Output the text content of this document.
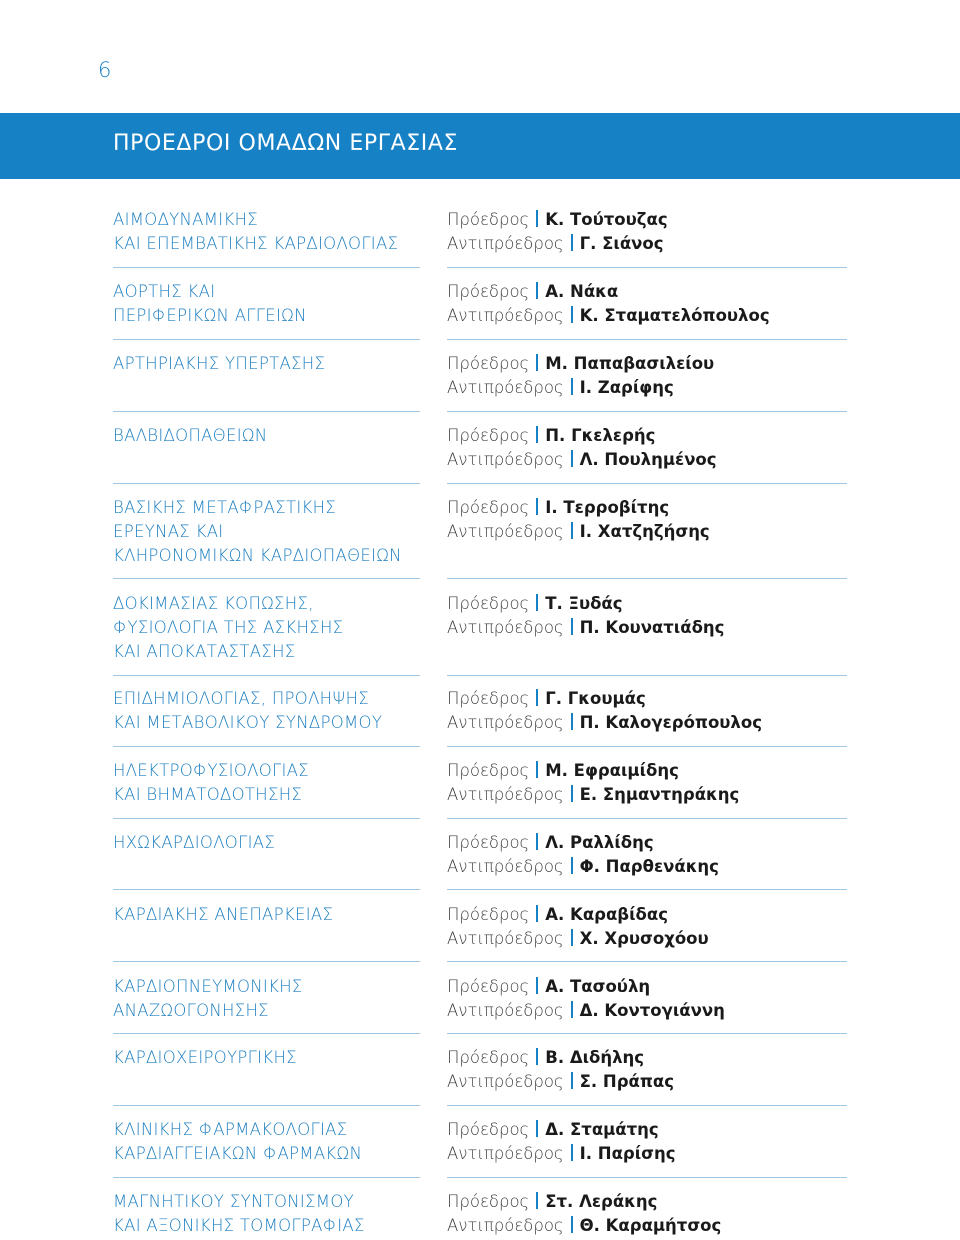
6
ΠΡΟΕΔΡΟΙ ΟΜΑΔΩΝ ΕΡΓΑΣΙΑΣ
ΑΙΜΟΔΥΝΑΜΙΚΗΣ
ΚΑΙ ΕΠΕΜΒΑΤΙΚΗΣ ΚΑΡΔΙΟΛΟΓΙΑΣ
Πρόεδρος Κ. Τούτουζας
Αντιπρόεδρος Γ. Σιάνος
ΑΟΡΤΗΣ ΚΑΙ
ΠΕΡΙΦΕΡΙΚΩΝ ΑΓΓΕΙΩΝ
Πρόεδρος Α. Νάκα
Αντιπρόεδρος Κ. Σταματελόπουλος
ΑΡΤΗΡΙΑΚΗΣ ΥΠΕΡΤΑΣΗΣ	Πρόεδρος Μ. Παπαβασιλείου
Αντιπρόεδρος Ι. Ζαρίφης
ΒΑΛΒΙΔΟΠΑΘΕΙΩΝ	Πρόεδρος Π. Γκελερής
Αντιπρόεδρος Λ. Πουλημένος
ΒΑΣΙΚΗΣ ΜΕΤΑΦΡΑΣΤΙΚΗΣ
ΕΡΕΥΝΑΣ ΚΑΙ
ΚΛΗΡΟΝΟΜΙΚΩΝ ΚΑΡΔΙΟΠΑΘΕΙΩΝ
Πρόεδρος Ι. Τερροβίτης
Αντιπρόεδρος Ι. Χατζηζήσης
ΔΟΚΙΜΑΣΙΑΣ ΚΟΠΩΣΗΣ,
ΦΥΣΙΟΛΟΓΙΑ ΤΗΣ ΑΣΚΗΣΗΣ
ΚΑΙ ΑΠΟΚΑΤΑΣΤΑΣΗΣ
Πρόεδρος Τ. Ξυδάς
Αντιπρόεδρος Π. Κουνατιάδης
ΕΠΙΔΗΜΙΟΛΟΓΙΑΣ, ΠΡΟΛΗΨΗΣ
ΚΑΙ ΜΕΤΑΒΟΛΙΚΟΥ ΣΥΝΔΡΟΜΟΥ
Πρόεδρος Γ. Γκουμάς
Αντιπρόεδρος Π. Καλογερόπουλος
ΗΛΕΚΤΡΟΦΥΣΙΟΛΟΓΙΑΣ
ΚΑΙ ΒΗΜΑΤΟΔΟΤΗΣΗΣ
Πρόεδρος Μ. Εφραιμίδης
Αντιπρόεδρος Ε. Σημαντηράκης
ΗΧΩΚΑΡΔΙΟΛΟΓΙΑΣ	Πρόεδρος Λ. Ραλλίδης
Αντιπρόεδρος Φ. Παρθενάκης
ΚΑΡΔΙΑΚΗΣ ΑΝΕΠΑΡΚΕΙΑΣ	Πρόεδρος Α. Καραβίδας
Αντιπρόεδρος Χ. Χρυσοχόου
ΚΑΡΔΙΟΠΝΕΥΜΟΝΙΚΗΣ
ΑΝΑΖΩΟΓΟΝΗΣΗΣ
Πρόεδρος Α. Τασούλη
Αντιπρόεδρος Δ. Κοντογιάννη
ΚΑΡΔΙΟΧΕΙΡΟΥΡΓΙΚΗΣ	Πρόεδρος Β. Διδήλης
Αντιπρόεδρος Σ. Πράπας
ΚΛΙΝΙΚΗΣ ΦΑΡΜΑΚΟΛΟΓΙΑΣ
ΚΑΡΔΙΑΓΓΕΙΑΚΩΝ ΦΑΡΜΑΚΩΝ
Πρόεδρος Δ. Σταμάτης
Αντιπρόεδρος Ι. Παρίσης
ΜΑΓΝΗΤΙΚΟΥ ΣΥΝΤΟΝΙΣΜΟΥ
ΚΑΙ ΑΞΟΝΙΚΗΣ ΤΟΜΟΓΡΑΦΙΑΣ
Πρόεδρος Στ. Λεράκης
Αντιπρόεδρος Θ. Καραμήτσος
